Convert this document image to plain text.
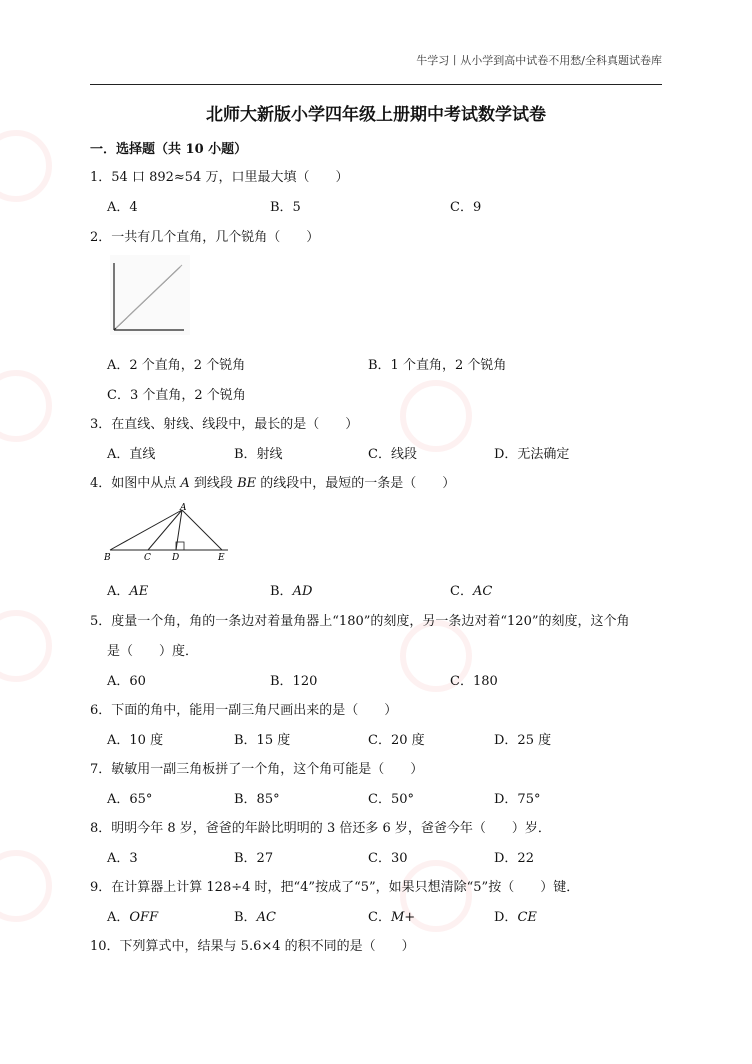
牛学习丨从小学到高中试卷不用愁/全科真题试卷库
北师大新版小学四年级上册期中考试数学试卷
一．选择题（共 10 小题）
1．54 口 892≈54 万，口里最大填（　　）
A．4	B．5	C．9
2．一共有几个直角，几个锐角（　　）
A．2 个直角，2 个锐角	B．1 个直角，2 个锐角
C．3 个直角，2 个锐角
3．在直线、射线、线段中，最长的是（　　）
A．直线	B．射线	C．线段	D．无法确定
4．如图中从点 A 到线段 BE 的线段中，最短的一条是（　　）
A
B	C D	E
A．AE	B．AD	C．AC
5．度量一个角，角的一条边对着量角器上“180”的刻度，另一条边对着“120”的刻度，这个角
是（　　）度．
A．60	B．120	C．180
6．下面的角中，能用一副三角尺画出来的是（　　）
A．10 度	B．15 度	C．20 度	D．25 度
7．敏敏用一副三角板拼了一个角，这个角可能是（　　）
A．65°	B．85°	C．50°	D．75°
8．明明今年 8 岁，爸爸的年龄比明明的 3 倍还多 6 岁，爸爸今年（　　）岁．
A．3	B．27	C．30	D．22
9．在计算器上计算 128÷4 时，把“4”按成了“5”，如果只想清除“5”按（　　）键．
A．OFF	B．AC	C．M+	D．CE
10．下列算式中，结果与 5.6×4 的积不同的是（　　）
